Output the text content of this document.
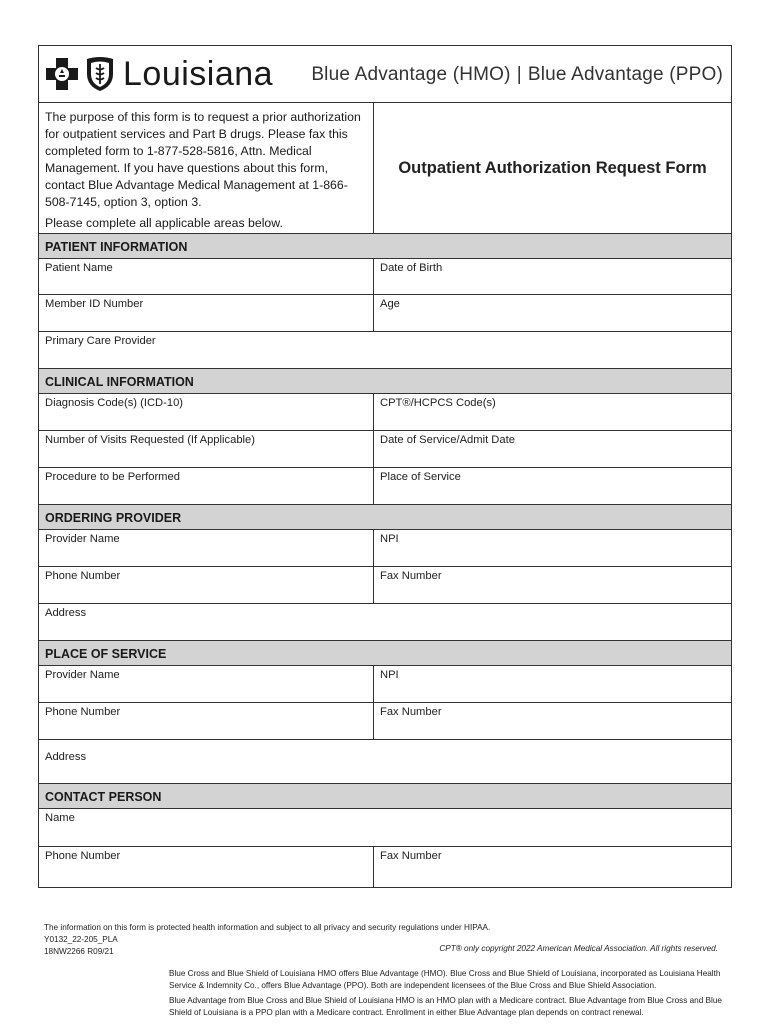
Louisiana Blue Advantage (HMO) | Blue Advantage (PPO)

The purpose of this form is to request a prior authorization for outpatient services and Part B drugs. Please fax this completed form to 1-877-528-5816, Attn. Medical Management. If you have questions about this form, contact Blue Advantage Medical Management at 1-866-508-7145, option 3, option 3.

Please complete all applicable areas below.

Outpatient Authorization Request Form
PATIENT INFORMATION
Patient Name	Date of Birth
Member ID Number	Age
Primary Care Provider
CLINICAL INFORMATION
Diagnosis Code(s) (ICD-10)	CPT®/HCPCS Code(s)
Number of Visits Requested (If Applicable)	Date of Service/Admit Date
Procedure to be Performed	Place of Service
ORDERING PROVIDER
Provider Name	NPI
Phone Number	Fax Number
Address
PLACE OF SERVICE
Provider Name	NPI
Phone Number	Fax Number
Address
CONTACT PERSON
Name
Phone Number	Fax Number
The information on this form is protected health information and subject to all privacy and security regulations under HIPAA.
Y0132_22-205_PLA
18NW2266 R09/21	CPT® only copyright 2022 American Medical Association. All rights reserved.

Blue Cross and Blue Shield of Louisiana HMO offers Blue Advantage (HMO). Blue Cross and Blue Shield of Louisiana, incorporated as Louisiana Health Service & Indemnity Co., offers Blue Advantage (PPO). Both are independent licensees of the Blue Cross and Blue Shield Association.

Blue Advantage from Blue Cross and Blue Shield of Louisiana HMO is an HMO plan with a Medicare contract. Blue Advantage from Blue Cross and Blue Shield of Louisiana is a PPO plan with a Medicare contract. Enrollment in either Blue Advantage plan depends on contract renewal.
